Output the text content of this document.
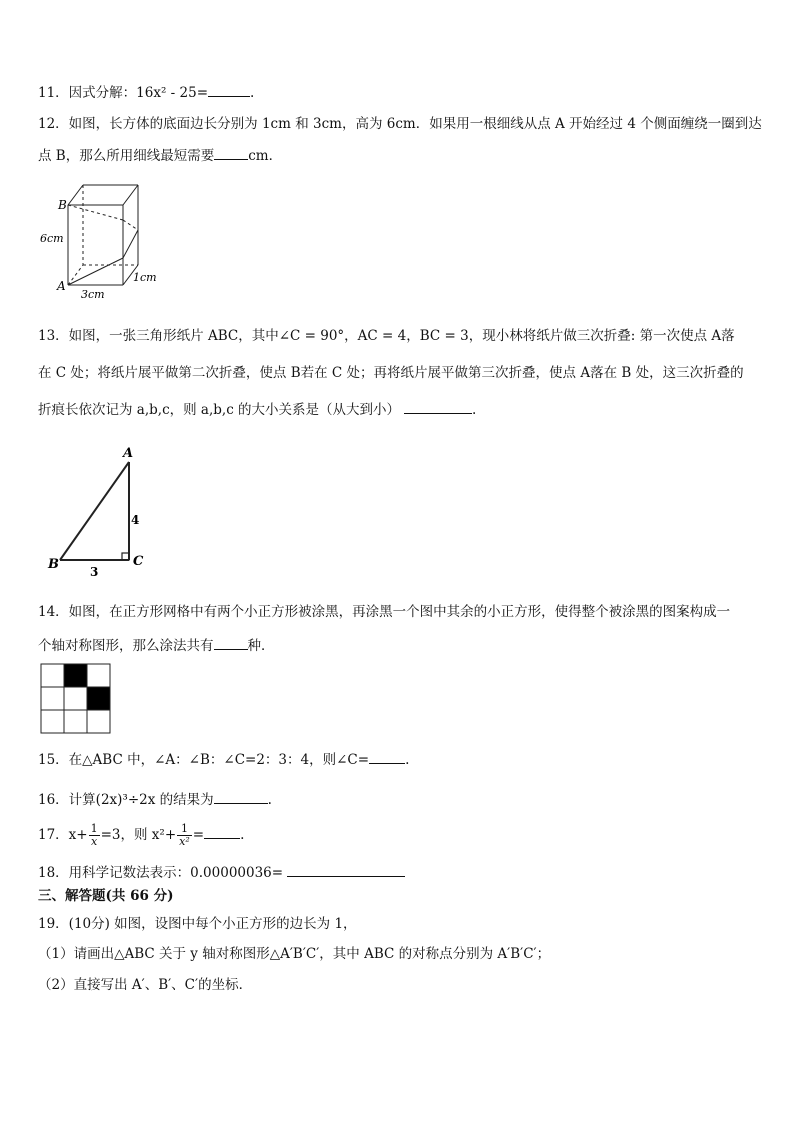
11．因式分解：16x² - 25=	.
12．如图，长方体的底面边长分别为 1cm 和 3cm，高为 6cm．如果用一根细线从点 A 开始经过 4 个侧面缠绕一圈到达
点 B，那么所用细线最短需要	cm．
B
A
6cm
3cm
1cm
13．如图，一张三角形纸片 ABC，其中∠C = 90°，AC = 4，BC = 3，现小林将纸片做三次折叠: 第一次使点 A落
在 C 处；将纸片展平做第二次折叠，使点 B若在 C 处；再将纸片展平做第三次折叠，使点 A落在 B 处，这三次折叠的
折痕长依次记为 a,b,c，则 a,b,c 的大小关系是（从大到小）	.
A
B	C
4
3
14．如图，在正方形网格中有两个小正方形被涂黑，再涂黑一个图中其余的小正方形，使得整个被涂黑的图案构成一
个轴对称图形，那么涂法共有	种．
15．在△ABC 中，∠A：∠B：∠C=2：3：4，则∠C=	.
16．计算(2x)³÷2x 的结果为	.
17．$x+ \frac{1}{x} =3$，则 $x^2+ \frac{1}{\text{x²}}$ =	.
18．用科学记数法表示：0.00000036=
三、解答题(共 66 分)
19．(10分) 如图，设图中每个小正方形的边长为 1，
（1）请画出△ABC 关于 y 轴对称图形△A′B′C′，其中 ABC 的对称点分别为 A′B′C′；
（2）直接写出 A′、B′、C′的坐标．
